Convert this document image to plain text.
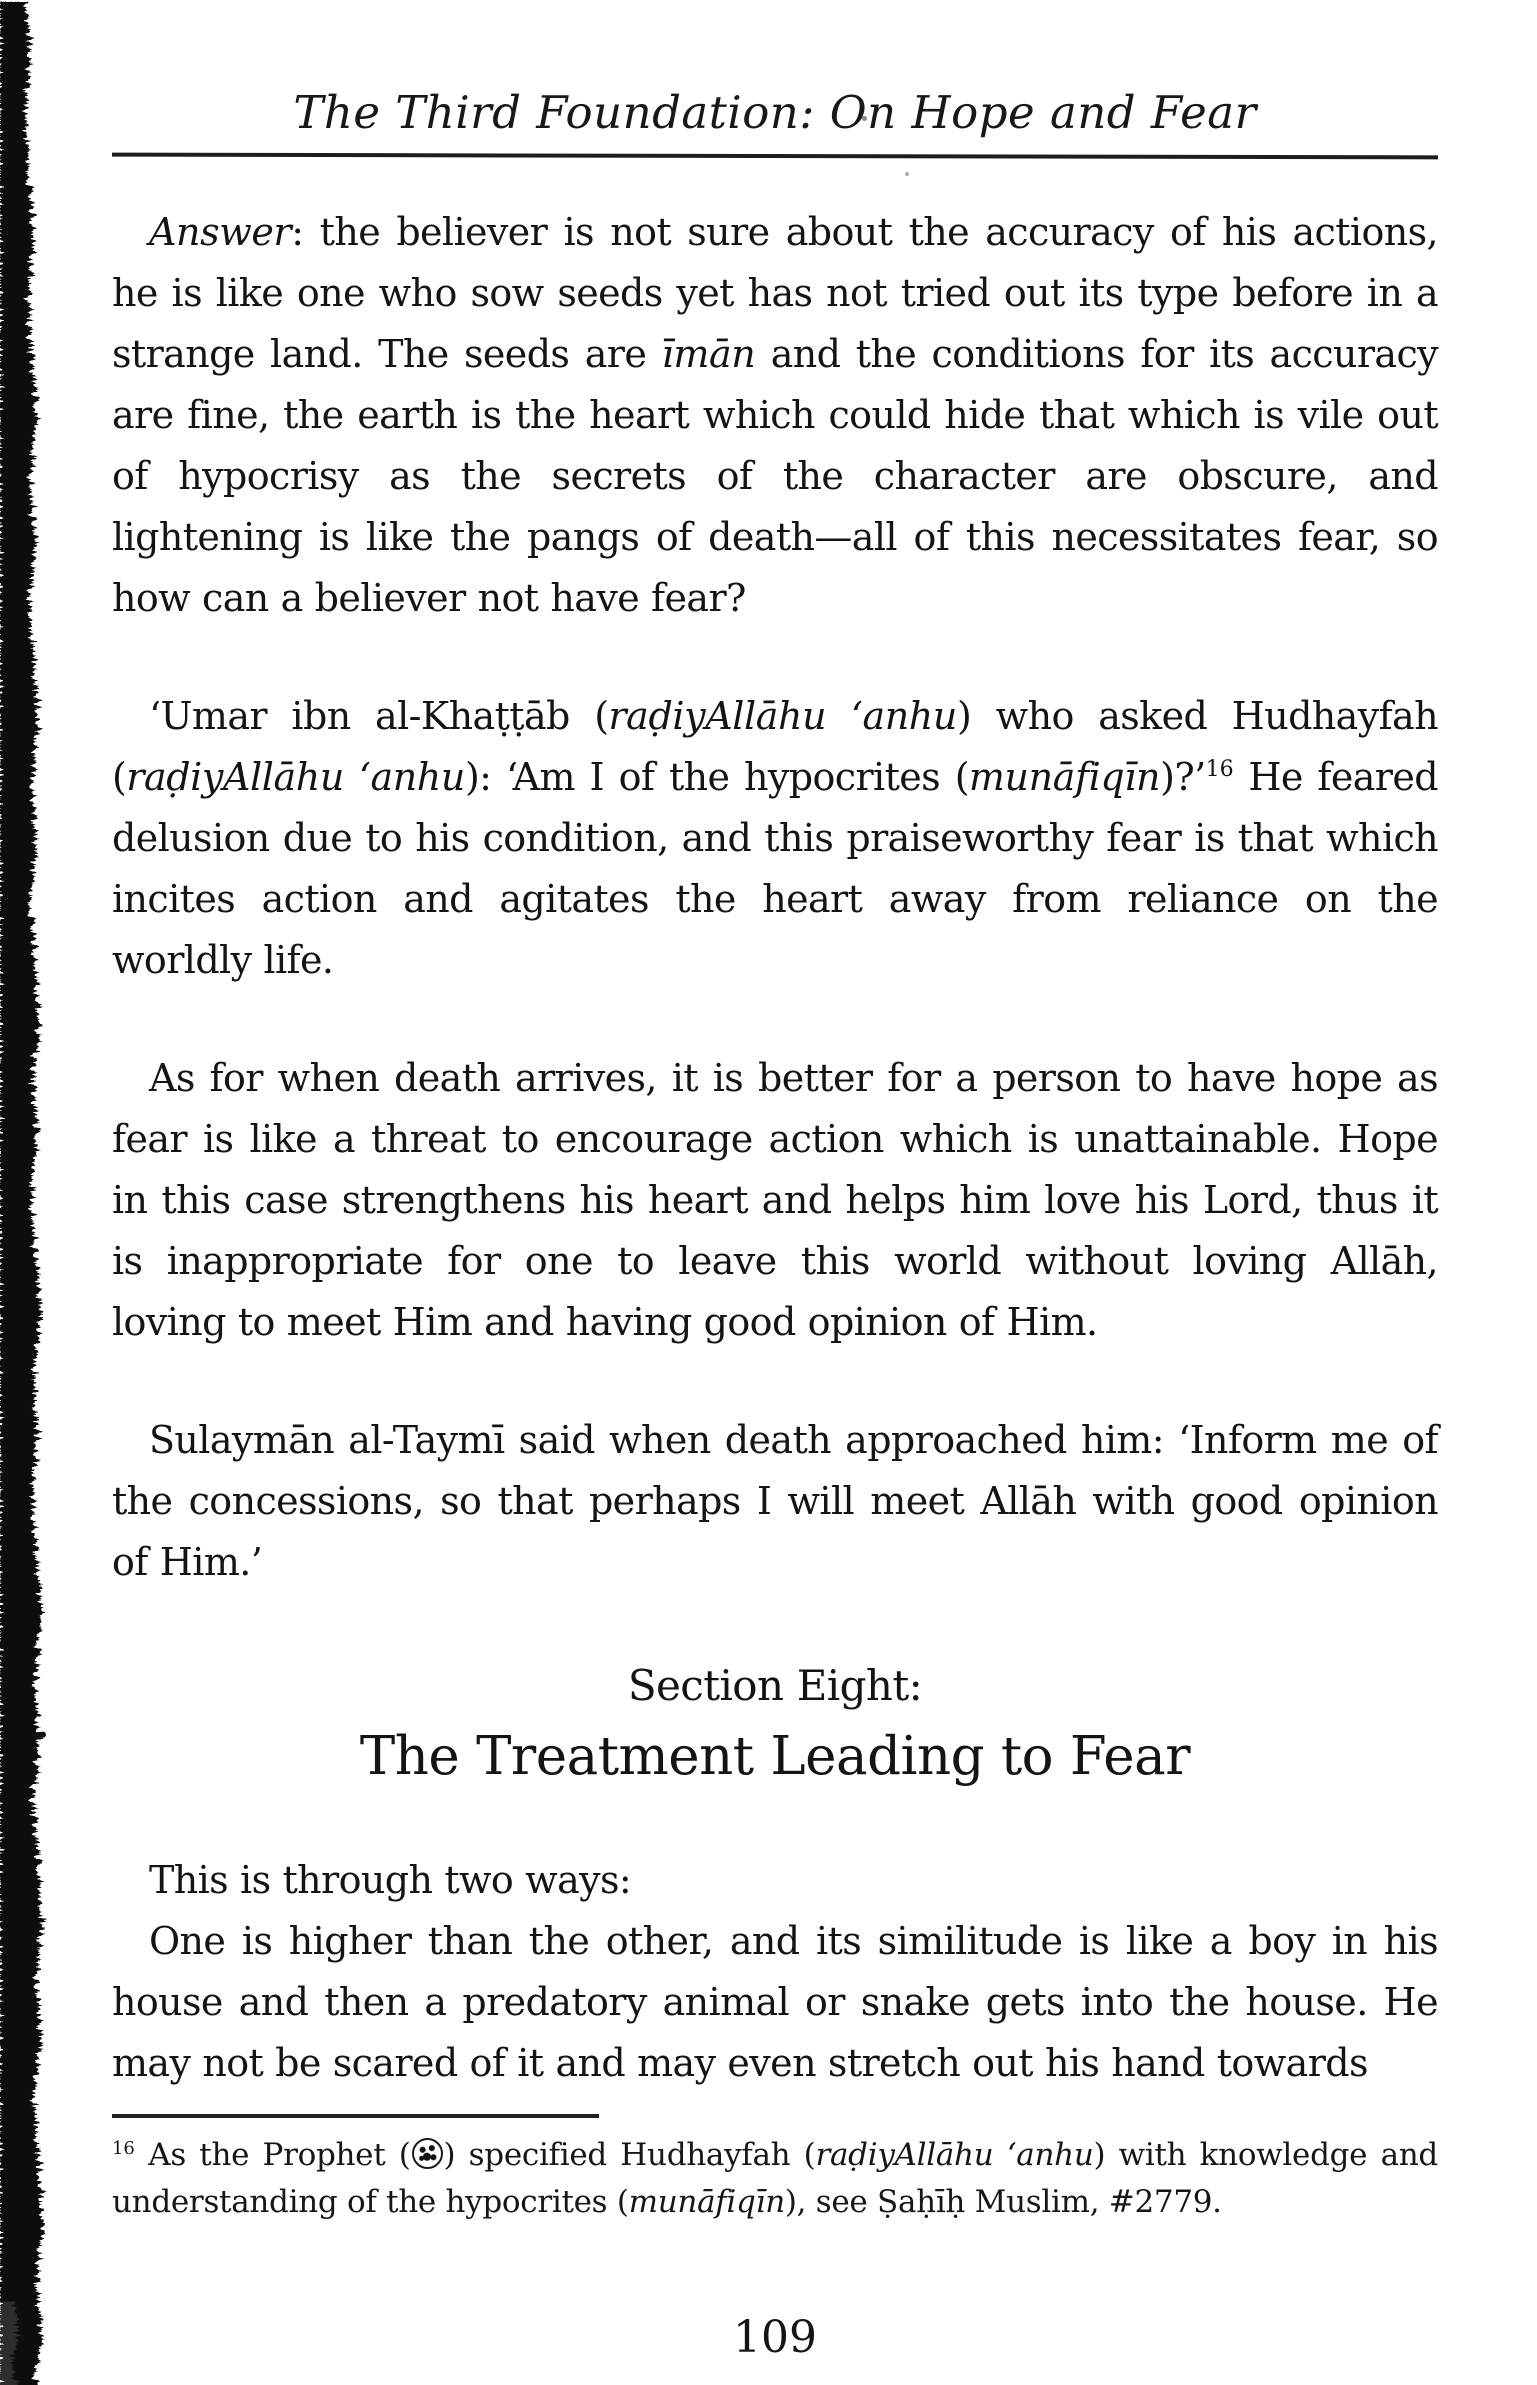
The Third Foundation: On Hope and Fear

Answer: the believer is not sure about the accuracy of his actions, he is like one who sow seeds yet has not tried out its type before in a strange land. The seeds are īmān and the conditions for its accuracy are fine, the earth is the heart which could hide that which is vile out of hypocrisy as the secrets of the character are obscure, and lightening is like the pangs of death—all of this necessitates fear, so how can a believer not have fear?

‘Umar ibn al-Khaṭṭāb (raḍiyAllāhu ‘anhu) who asked Hudhayfah (raḍiyAllāhu ‘anhu): ‘Am I of the hypocrites (munāfiqīn)?’$^{16}$ He feared delusion due to his condition, and this praiseworthy fear is that which incites action and agitates the heart away from reliance on the worldly life.

As for when death arrives, it is better for a person to have hope as fear is like a threat to encourage action which is unattainable. Hope in this case strengthens his heart and helps him love his Lord, thus it is inappropriate for one to leave this world without loving Allāh, loving to meet Him and having good opinion of Him.

Sulaymān al-Taymī said when death approached him: ‘Inform me of the concessions, so that perhaps I will meet Allāh with good opinion of Him.’

Section Eight:
The Treatment Leading to Fear

This is through two ways:

One is higher than the other, and its similitude is like a boy in his house and then a predatory animal or snake gets into the house. He may not be scared of it and may even stretch out his hand towards

$^{16}$ As the Prophet ( ) specified Hudhayfah (raḍiyAllāhu ‘anhu) with knowledge and understanding of the hypocrites (munāfiqīn), see Ṣaḥīḥ Muslim, #2779.
109
